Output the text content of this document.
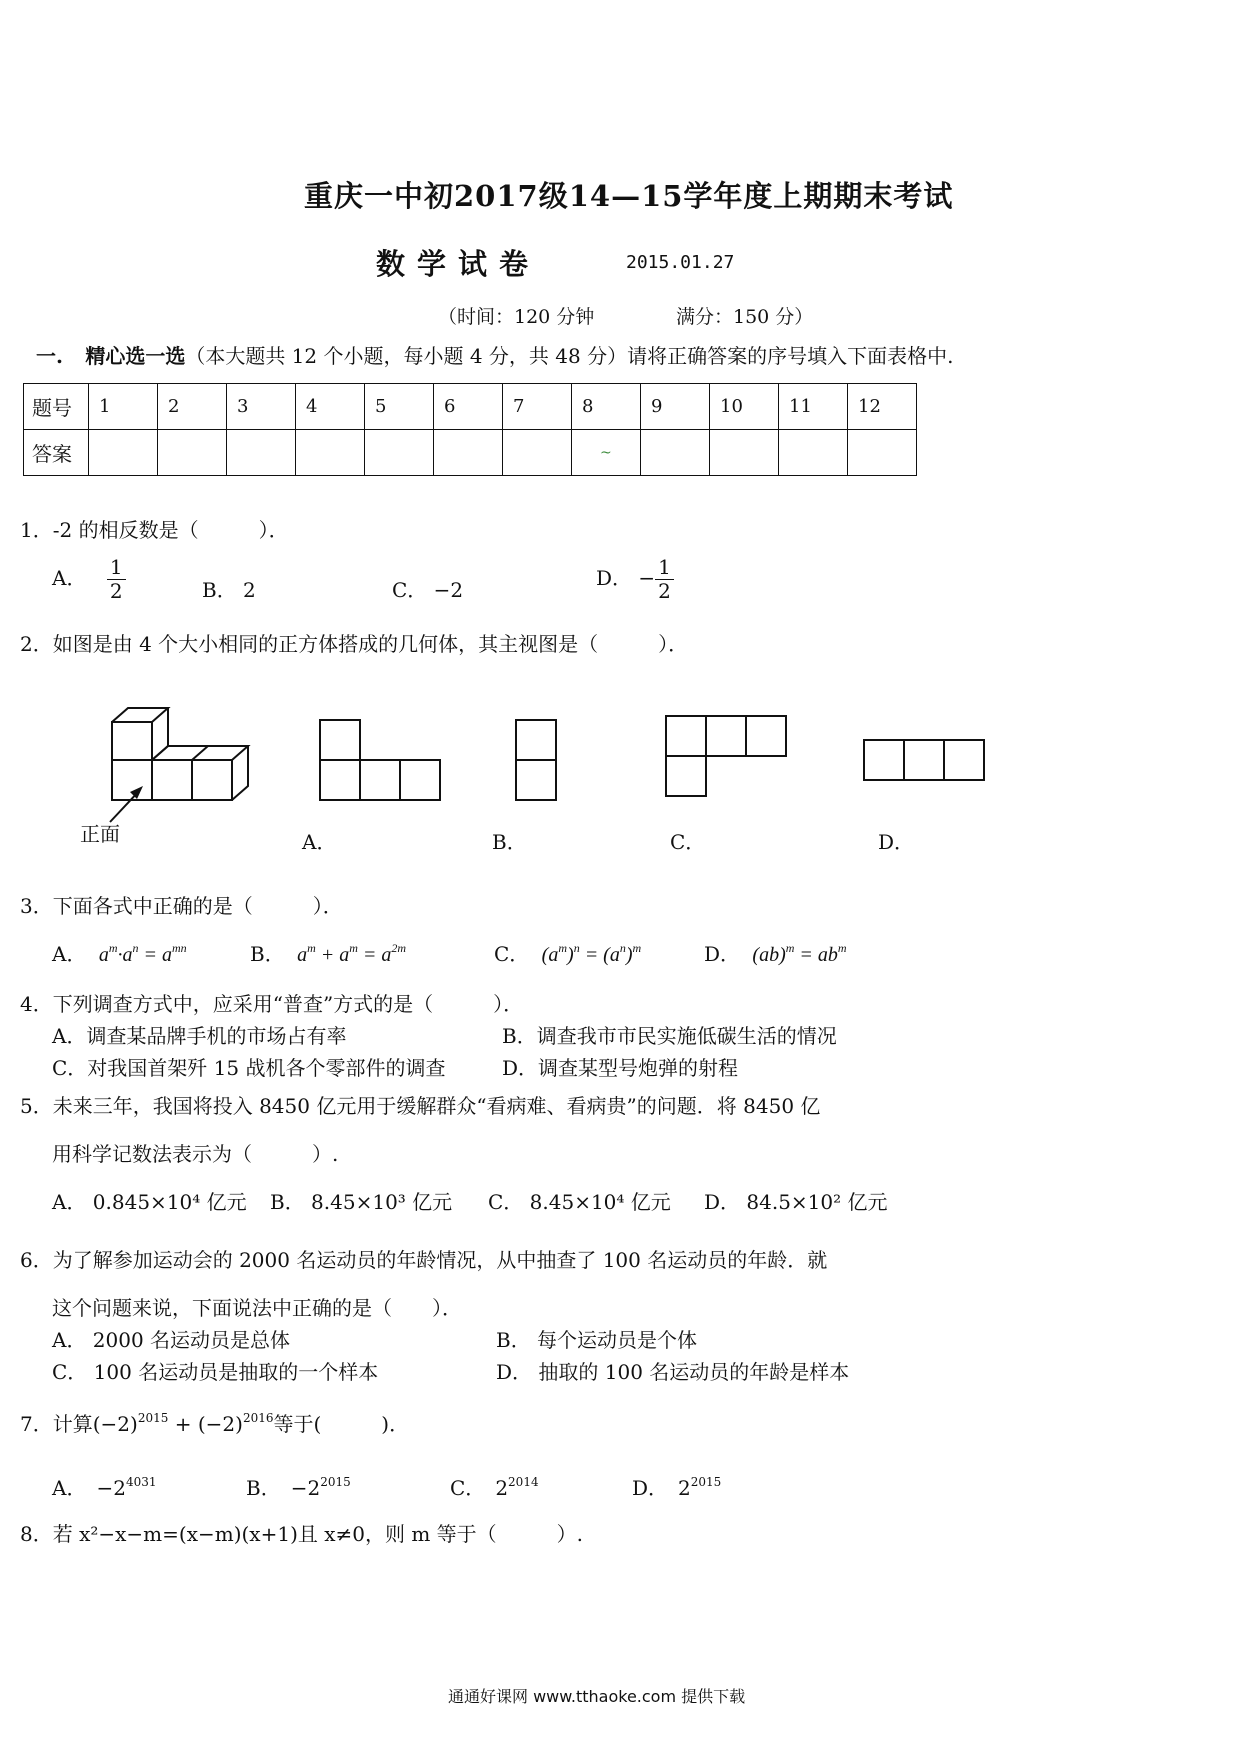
重庆一中初2017级14—15学年度上期期末考试
数学试卷	2015.01.27
（时间：120 分钟	满分：150 分）
一. 精心选一选（本大题共 12 个小题，每小题 4 分，共 48 分）请将正确答案的序号填入下面表格中.
题号	1	2	3	4	5	6	7	8	9	10	11	12
答案								~				
1．-2 的相反数是（　　　）．
A． $\frac{1}{2}$	B． 2	C． −2	D． − $\frac{1}{2}$
2．如图是由 4 个大小相同的正方体搭成的几何体，其主视图是（　　　）．
正面	A．	B．	C．	D．
3．下面各式中正确的是（　　　）．
A． $a^m\cdot a^n = a^{mn}$	B． $a^m + a^m = a^{2m}$	C． $(a^m)^n = (a^n)^m$	D． $(ab)^m = ab^m$
4．下列调查方式中，应采用“普查”方式的是（　　　）．
A．调查某品牌手机的市场占有率	B．调查我市市民实施低碳生活的情况
C．对我国首架歼 15 战机各个零部件的调查	D．调查某型号炮弹的射程
5．未来三年，我国将投入 8450 亿元用于缓解群众“看病难、看病贵”的问题．将 8450 亿
用科学记数法表示为（　　　）.
A． 0.845×10⁴ 亿元 B． 8.45×10³ 亿元 C． 8.45×10⁴ 亿元 D． 84.5×10² 亿元
6．为了解参加运动会的 2000 名运动员的年龄情况，从中抽查了 100 名运动员的年龄．就
这个问题来说，下面说法中正确的是（　　）．
A． 2000 名运动员是总体	B． 每个运动员是个体
C． 100 名运动员是抽取的一个样本	D． 抽取的 100 名运动员的年龄是样本
7．计算$(-2)^{2015} + (-2)^{2016}$等于(　　　)．
A． $-2^{4031}$	B． $-2^{2015}$	C． $2^{2014}$	D． $2^{2015}$
8．若 x²−x−m=(x−m)(x+1)且 x≠0，则 m 等于（　　　）.
通通好课网 www.tthaoke.com 提供下载
